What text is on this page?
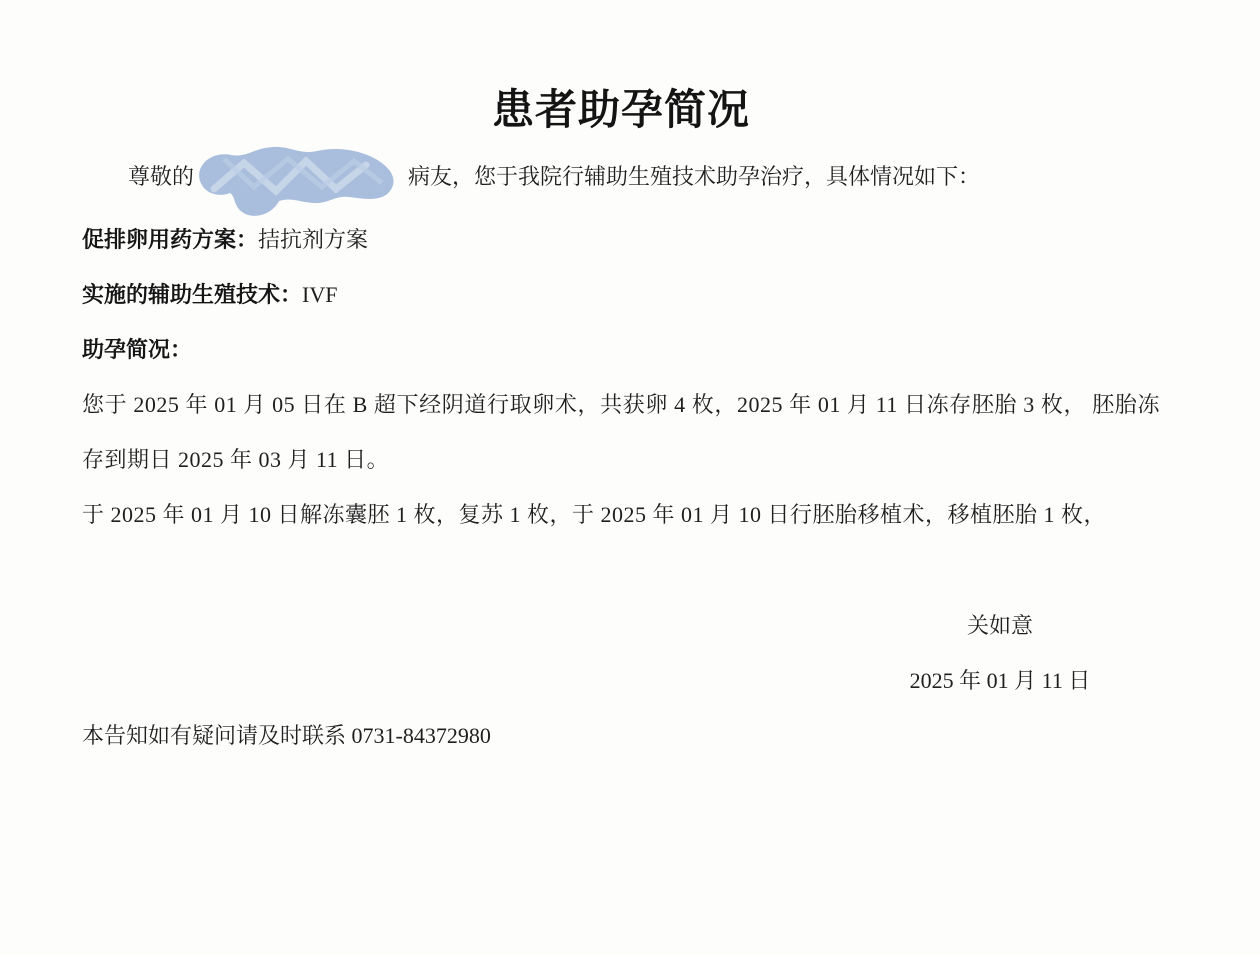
患者助孕简况
尊敬的	病友，您于我院行辅助生殖技术助孕治疗，具体情况如下：
促排卵用药方案：拮抗剂方案
实施的辅助生殖技术：IVF
助孕简况：

您于 2025 年 01 月 05 日在 B 超下经阴道行取卵术，共获卵 4 枚，2025 年 01 月 11 日冻存胚胎 3 枚， 胚胎冻存到期日 2025 年 03 月 11 日。

于 2025 年 01 月 10 日解冻囊胚 1 枚，复苏 1 枚，于 2025 年 01 月 10 日行胚胎移植术，移植胚胎 1 枚，

关如意
2025 年 01 月 11 日
本告知如有疑问请及时联系 0731-84372980
